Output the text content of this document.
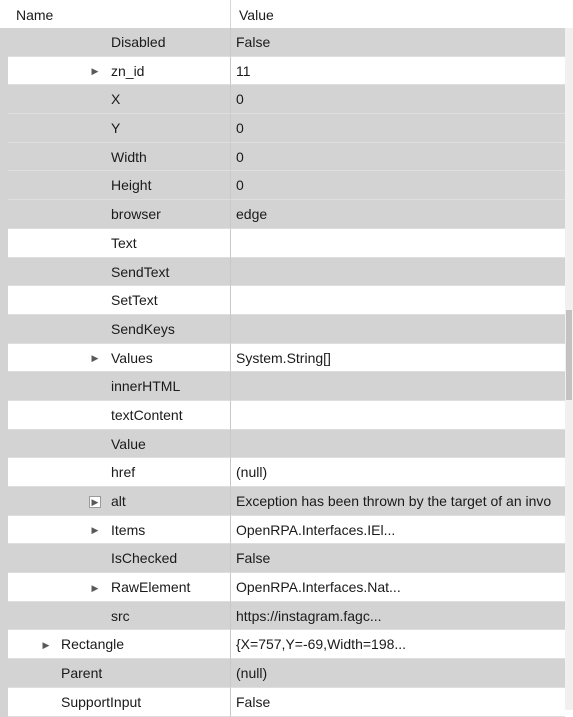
Name	Value
Disabled	False
▶ zn_id	11
X	0
Y	0
Width	0
Height	0
browser	edge
Text
SendText
SetText
SendKeys
▶ Values	System.String[]
innerHTML
textContent
Value
href	(null)
▶ alt	Exception has been thrown by the target of an invo
▶ Items	OpenRPA.Interfaces.IEl...
IsChecked	False
▶ RawElement	OpenRPA.Interfaces.Nat...
src	https://instagram.fagc...
▶ Rectangle	{X=757,Y=-69,Width=198...
Parent	(null)
SupportInput	False
